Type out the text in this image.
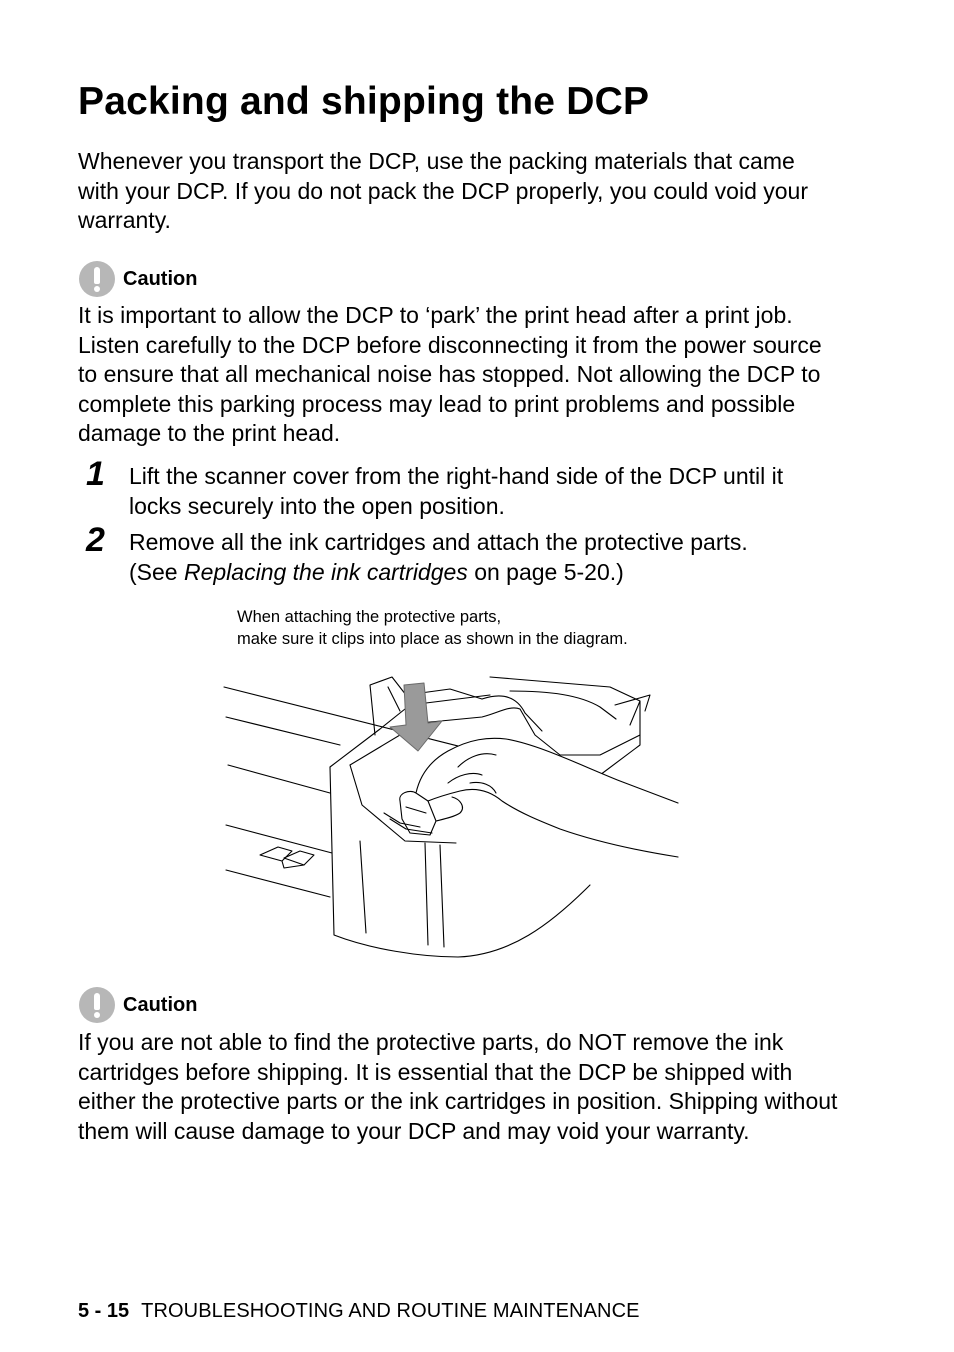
Packing and shipping the DCP

Whenever you transport the DCP, use the packing materials that came with your DCP. If you do not pack the DCP properly, you could void your warranty.

Caution

It is important to allow the DCP to ‘park’ the print head after a print job. Listen carefully to the DCP before disconnecting it from the power source to ensure that all mechanical noise has stopped. Not allowing the DCP to complete this parking process may lead to print problems and possible damage to the print head.

1 Lift the scanner cover from the right-hand side of the DCP until it locks securely into the open position.

2 Remove all the ink cartridges and attach the protective parts.
(See Replacing the ink cartridges on page 5-20.)

When attaching the protective parts,
make sure it clips into place as shown in the diagram.
Caution

If you are not able to find the protective parts, do NOT remove the ink cartridges before shipping. It is essential that the DCP be shipped with either the protective parts or the ink cartridges in position. Shipping without them will cause damage to your DCP and may void your warranty.

5 - 15 TROUBLESHOOTING AND ROUTINE MAINTENANCE
